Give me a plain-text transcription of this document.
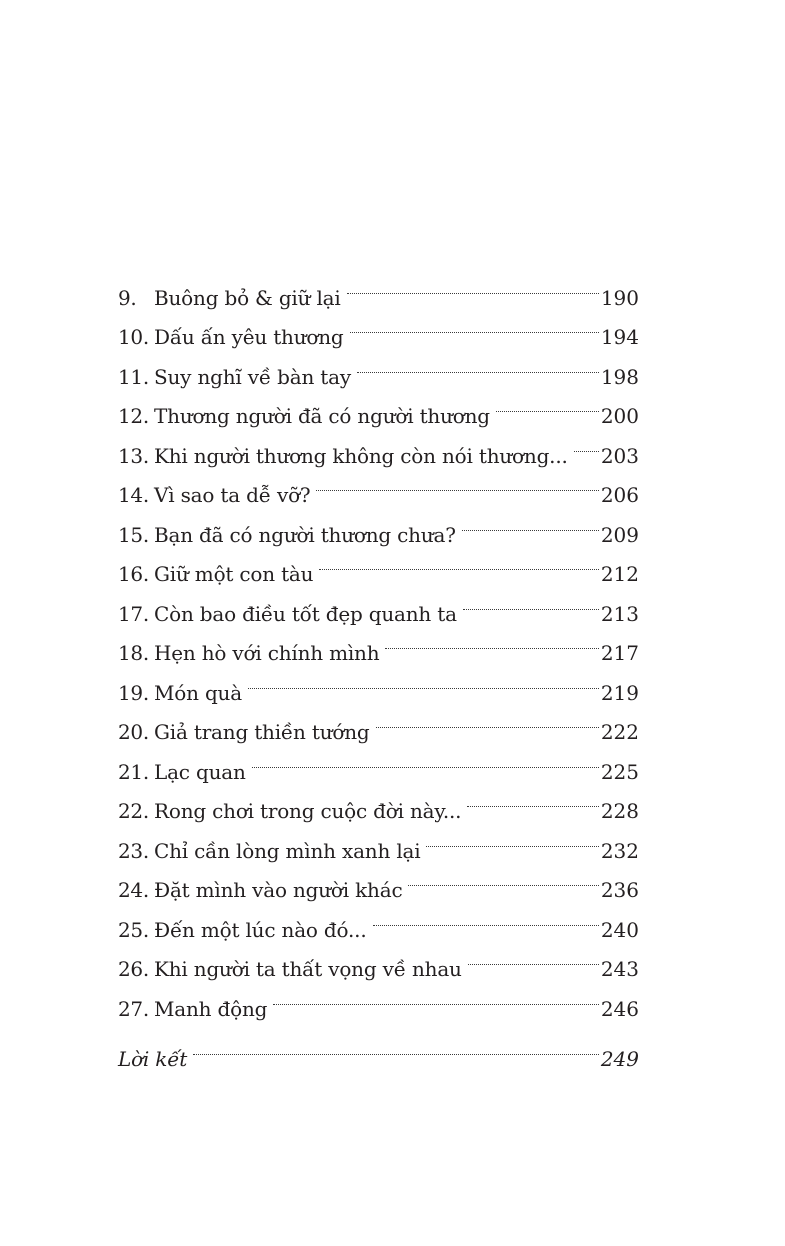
9. Buông bỏ & giữ lại	190
10. Dấu ấn yêu thương	194
11. Suy nghĩ về bàn tay	198
12. Thương người đã có người thương	200
13. Khi người thương không còn nói thương... 203
14. Vì sao ta dễ vỡ?	206
15. Bạn đã có người thương chưa?	209
16. Giữ một con tàu	212
17. Còn bao điều tốt đẹp quanh ta	213
18. Hẹn hò với chính mình	217
19. Món quà	219
20. Giả trang thiền tướng	222
21. Lạc quan	225
22. Rong chơi trong cuộc đời này...	228
23. Chỉ cần lòng mình xanh lại	232
24. Đặt mình vào người khác	236
25. Đến một lúc nào đó...	240
26. Khi người ta thất vọng về nhau	243
27. Manh động	246
Lời kết	249
